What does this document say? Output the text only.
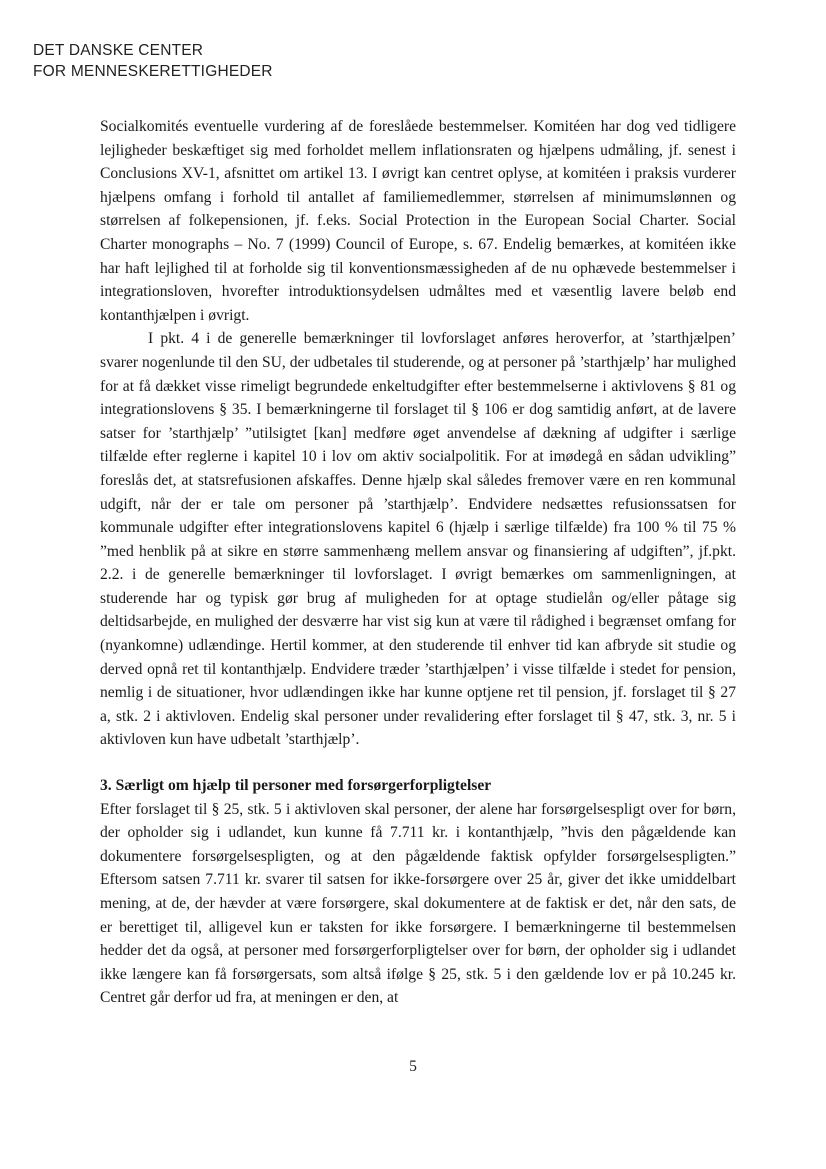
DET DANSKE CENTER
FOR MENNESKERETTIGHEDER

Socialkomités eventuelle vurdering af de foreslåede bestemmelser. Komitéen har dog ved tidligere lejligheder beskæftiget sig med forholdet mellem inflationsraten og hjælpens udmåling, jf. senest i Conclusions XV-1, afsnittet om artikel 13. I øvrigt kan centret oplyse, at komitéen i praksis vurderer hjælpens omfang i forhold til antallet af familiemedlemmer, størrelsen af minimumslønnen og størrelsen af folkepensionen, jf. f.eks. Social Protection in the European Social Charter. Social Charter monographs – No. 7 (1999) Council of Europe, s. 67. Endelig bemærkes, at komitéen ikke har haft lejlighed til at forholde sig til konventionsmæssigheden af de nu ophævede bestemmelser i integrationsloven, hvorefter introduktionsydelsen udmåltes med et væsentlig lavere beløb end kontanthjælpen i øvrigt.

I pkt. 4 i de generelle bemærkninger til lovforslaget anføres heroverfor, at ’starthjælpen’ svarer nogenlunde til den SU, der udbetales til studerende, og at personer på ’starthjælp’ har mulighed for at få dækket visse rimeligt begrundede enkeltudgifter efter bestemmelserne i aktivlovens § 81 og integrationslovens § 35. I bemærkningerne til forslaget til § 106 er dog samtidig anført, at de lavere satser for ’starthjælp’ ”utilsigtet [kan] medføre øget anvendelse af dækning af udgifter i særlige tilfælde efter reglerne i kapitel 10 i lov om aktiv socialpolitik. For at imødegå en sådan udvikling” foreslås det, at statsrefusionen afskaffes. Denne hjælp skal således fremover være en ren kommunal udgift, når der er tale om personer på ’starthjælp’. Endvidere nedsættes refusionssatsen for kommunale udgifter efter integrationslovens kapitel 6 (hjælp i særlige tilfælde) fra 100 % til 75 % ”med henblik på at sikre en større sammenhæng mellem ansvar og finansiering af udgiften”, jf.pkt. 2.2. i de generelle bemærkninger til lovforslaget. I øvrigt bemærkes om sammenligningen, at studerende har og typisk gør brug af muligheden for at optage studielån og/eller påtage sig deltidsarbejde, en mulighed der desværre har vist sig kun at være til rådighed i begrænset omfang for (nyankomne) udlændinge. Hertil kommer, at den studerende til enhver tid kan afbryde sit studie og derved opnå ret til kontanthjælp. Endvidere træder ’starthjælpen’ i visse tilfælde i stedet for pension, nemlig i de situationer, hvor udlændingen ikke har kunne optjene ret til pension, jf. forslaget til § 27 a, stk. 2 i aktivloven. Endelig skal personer under revalidering efter forslaget til § 47, stk. 3, nr. 5 i aktivloven kun have udbetalt ’starthjælp’.

3. Særligt om hjælp til personer med forsørgerforpligtelser

Efter forslaget til § 25, stk. 5 i aktivloven skal personer, der alene har forsørgelsespligt over for børn, der opholder sig i udlandet, kun kunne få 7.711 kr. i kontanthjælp, ”hvis den pågældende kan dokumentere forsørgelsespligten, og at den pågældende faktisk opfylder forsørgelsespligten.” Eftersom satsen 7.711 kr. svarer til satsen for ikke-forsørgere over 25 år, giver det ikke umiddelbart mening, at de, der hævder at være forsørgere, skal dokumentere at de faktisk er det, når den sats, de er berettiget til, alligevel kun er taksten for ikke forsørgere. I bemærkningerne til bestemmelsen hedder det da også, at personer med forsørgerforpligtelser over for børn, der opholder sig i udlandet ikke længere kan få forsørgersats, som altså ifølge § 25, stk. 5 i den gældende lov er på 10.245 kr. Centret går derfor ud fra, at meningen er den, at

5
